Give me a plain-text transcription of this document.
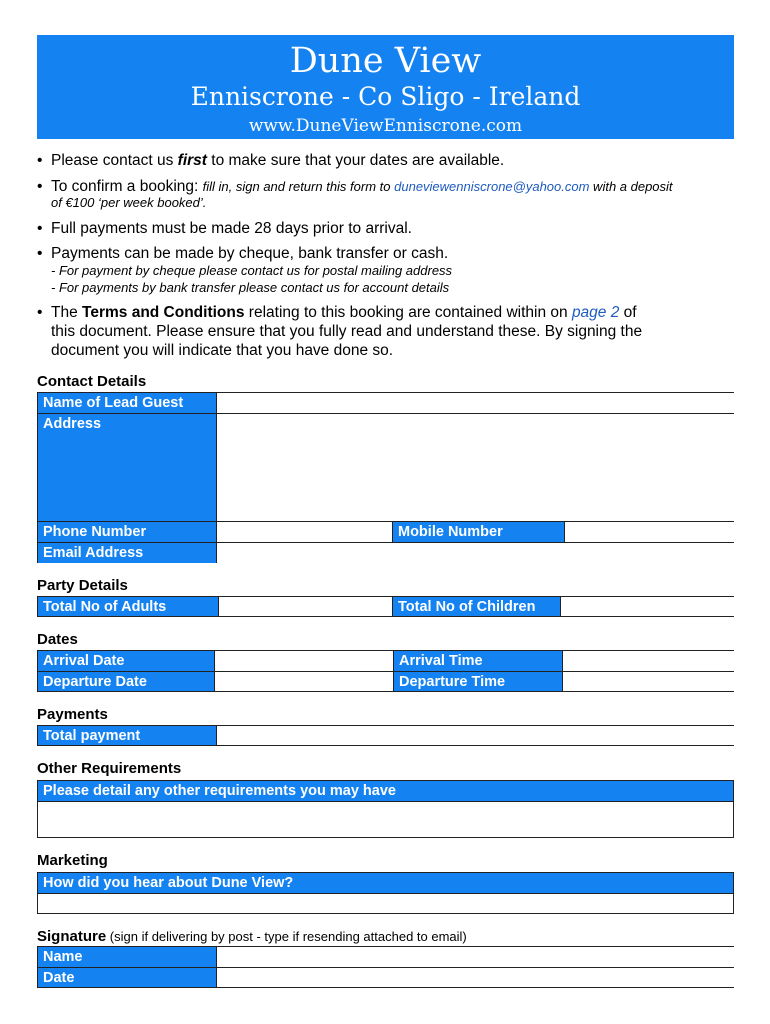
Dune View
Enniscrone - Co Sligo - Ireland
www.DuneViewEnniscrone.com
• Please contact us first to make sure that your dates are available.
• To confirm a booking: fill in, sign and return this form to duneviewenniscrone@yahoo.com with a deposit
of €100 ‘per week booked’.
• Full payments must be made 28 days prior to arrival.
• Payments can be made by cheque, bank transfer or cash.
- For payment by cheque please contact us for postal mailing address
- For payments by bank transfer please contact us for account details
• The Terms and Conditions relating to this booking are contained within on page 2 of
this document. Please ensure that you fully read and understand these. By signing the
document you will indicate that you have done so.
Contact Details
Name of Lead Guest
Address
Phone Number	Mobile Number
Email Address
Party Details
Total No of Adults	Total No of Children
Dates
Arrival Date	Arrival Time
Departure Date	Departure Time
Payments
Total payment
Other Requirements
Please detail any other requirements you may have
Marketing
How did you hear about Dune View?
Signature (sign if delivering by post - type if resending attached to email)
Name
Date
